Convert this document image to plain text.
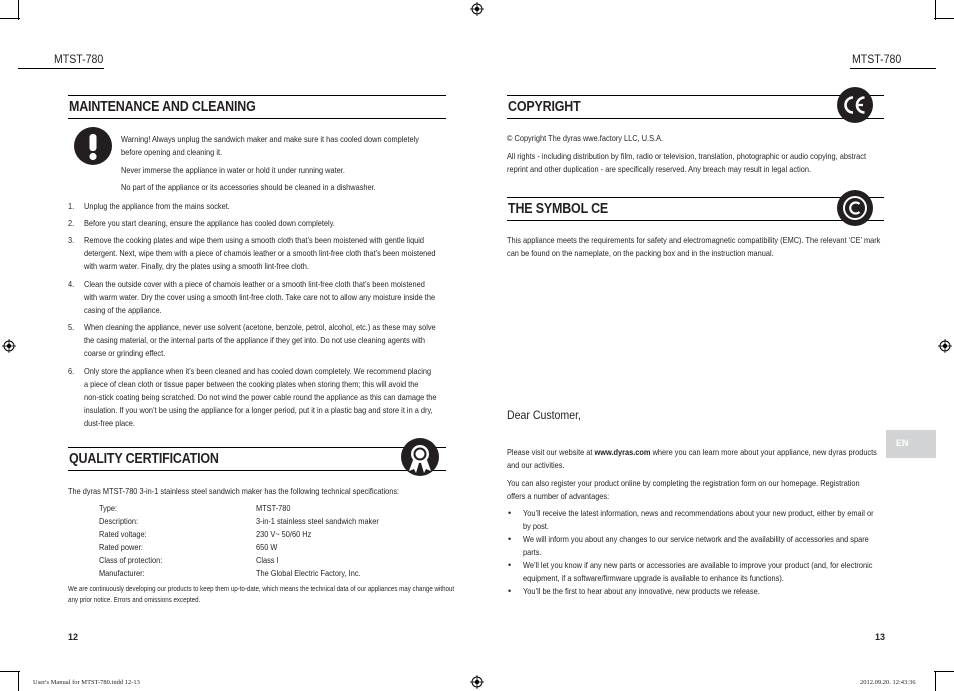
MTST-780	MTST-780
MAINTENANCE AND CLEANING
Warning! Always unplug the sandwich maker and make sure it has cooled down completely
before opening and cleaning it.
Never immerse the appliance in water or hold it under running water.
No part of the appliance or its accessories should be cleaned in a dishwasher.
1. Unplug the appliance from the mains socket.
2. Before you start cleaning, ensure the appliance has cooled down completely.
3. Remove the cooking plates and wipe them using a smooth cloth that’s been moistened with gentle liquid
detergent. Next, wipe them with a piece of chamois leather or a smooth lint-free cloth that’s been moistened
with warm water. Finally, dry the plates using a smooth lint-free cloth.
4. Clean the outside cover with a piece of chamois leather or a smooth lint-free cloth that’s been moistened
with warm water. Dry the cover using a smooth lint-free cloth. Take care not to allow any moisture inside the
casing of the appliance.
5. When cleaning the appliance, never use solvent (acetone, benzole, petrol, alcohol, etc.) as these may solve
the casing material, or the internal parts of the appliance if they get into. Do not use cleaning agents with
coarse or grinding effect.
6. Only store the appliance when it’s been cleaned and has cooled down completely. We recommend placing
a piece of clean cloth or tissue paper between the cooking plates when storing them; this will avoid the
non-stick coating being scratched. Do not wind the power cable round the appliance as this can damage the
insulation. If you won’t be using the appliance for a longer period, put it in a plastic bag and store it in a dry,
dust-free place.
QUALITY CERTIFICATION
The dyras MTST-780 3-in-1 stainless steel sandwich maker has the following technical specifications:
Type:	MTST-780
Description:	3-in-1 stainless steel sandwich maker
Rated voltage:	230 V~ 50/60 Hz
Rated power:	650 W
Class of protection:	Class I
Manufacturer:	The Global Electric Factory, Inc.
We are continuously developing our products to keep them up-to-date, which means the technical data of our appliances may change without
any prior notice. Errors and omissions excepted.
12
COPYRIGHT
© Copyright The dyras wwe.factory LLC, U.S.A.
All rights - including distribution by film, radio or television, translation, photographic or audio copying, abstract
reprint and other duplication - are specifically reserved. Any breach may result in legal action.
THE SYMBOL CE
This appliance meets the requirements for safety and electromagnetic compatibility (EMC). The relevant ‘CE’ mark
can be found on the nameplate, on the packing box and in the instruction manual.
Dear Customer,
Please visit our website at www.dyras.com where you can learn more about your appliance, new dyras products
and our activities.
You can also register your product online by completing the registration form on our homepage. Registration
offers a number of advantages:
• You’ll receive the latest information, news and recommendations about your new product, either by email or
by post.
• We will inform you about any changes to our service network and the availability of accessories and spare
parts.
• We’ll let you know if any new parts or accessories are available to improve your product (and, for electronic
equipment, if a software/firmware upgrade is available to enhance its functions).
• You’ll be the first to hear about any innovative, new products we release.
EN
13
User's Manual for MTST-780.indd 12-13	2012.09.20. 12:43:36
